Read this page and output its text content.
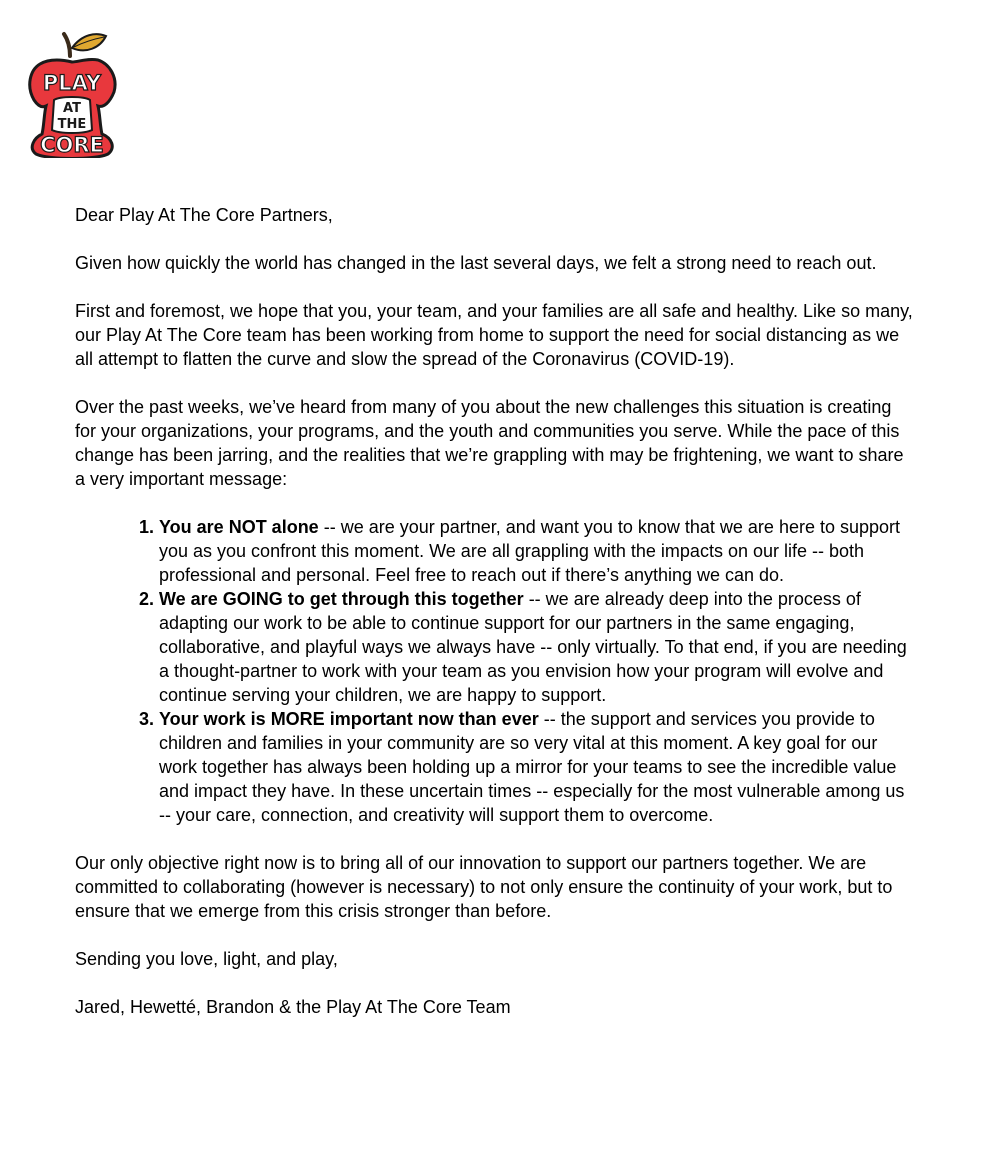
PLAY
AT
THE
CORE

Dear Play At The Core Partners,

Given how quickly the world has changed in the last several days, we felt a strong need to reach out.

First and foremost, we hope that you, your team, and your families are all safe and healthy. Like so many, our Play At The Core team has been working from home to support the need for social distancing as we all attempt to flatten the curve and slow the spread of the Coronavirus (COVID-19).

Over the past weeks, we’ve heard from many of you about the new challenges this situation is creating for your organizations, your programs, and the youth and communities you serve. While the pace of this change has been jarring, and the realities that we’re grappling with may be frightening, we want to share a very important message:

1. You are NOT alone -- we are your partner, and want you to know that we are here to support you as you confront this moment. We are all grappling with the impacts on our life -- both professional and personal. Feel free to reach out if there’s anything we can do.
2. We are GOING to get through this together -- we are already deep into the process of adapting our work to be able to continue support for our partners in the same engaging, collaborative, and playful ways we always have -- only virtually. To that end, if you are needing a thought-partner to work with your team as you envision how your program will evolve and continue serving your children, we are happy to support.
3. Your work is MORE important now than ever -- the support and services you provide to children and families in your community are so very vital at this moment. A key goal for our work together has always been holding up a mirror for your teams to see the incredible value and impact they have. In these uncertain times -- especially for the most vulnerable among us -- your care, connection, and creativity will support them to overcome.

Our only objective right now is to bring all of our innovation to support our partners together. We are committed to collaborating (however is necessary) to not only ensure the continuity of your work, but to ensure that we emerge from this crisis stronger than before.

Sending you love, light, and play,

Jared, Hewetté, Brandon & the Play At The Core Team
